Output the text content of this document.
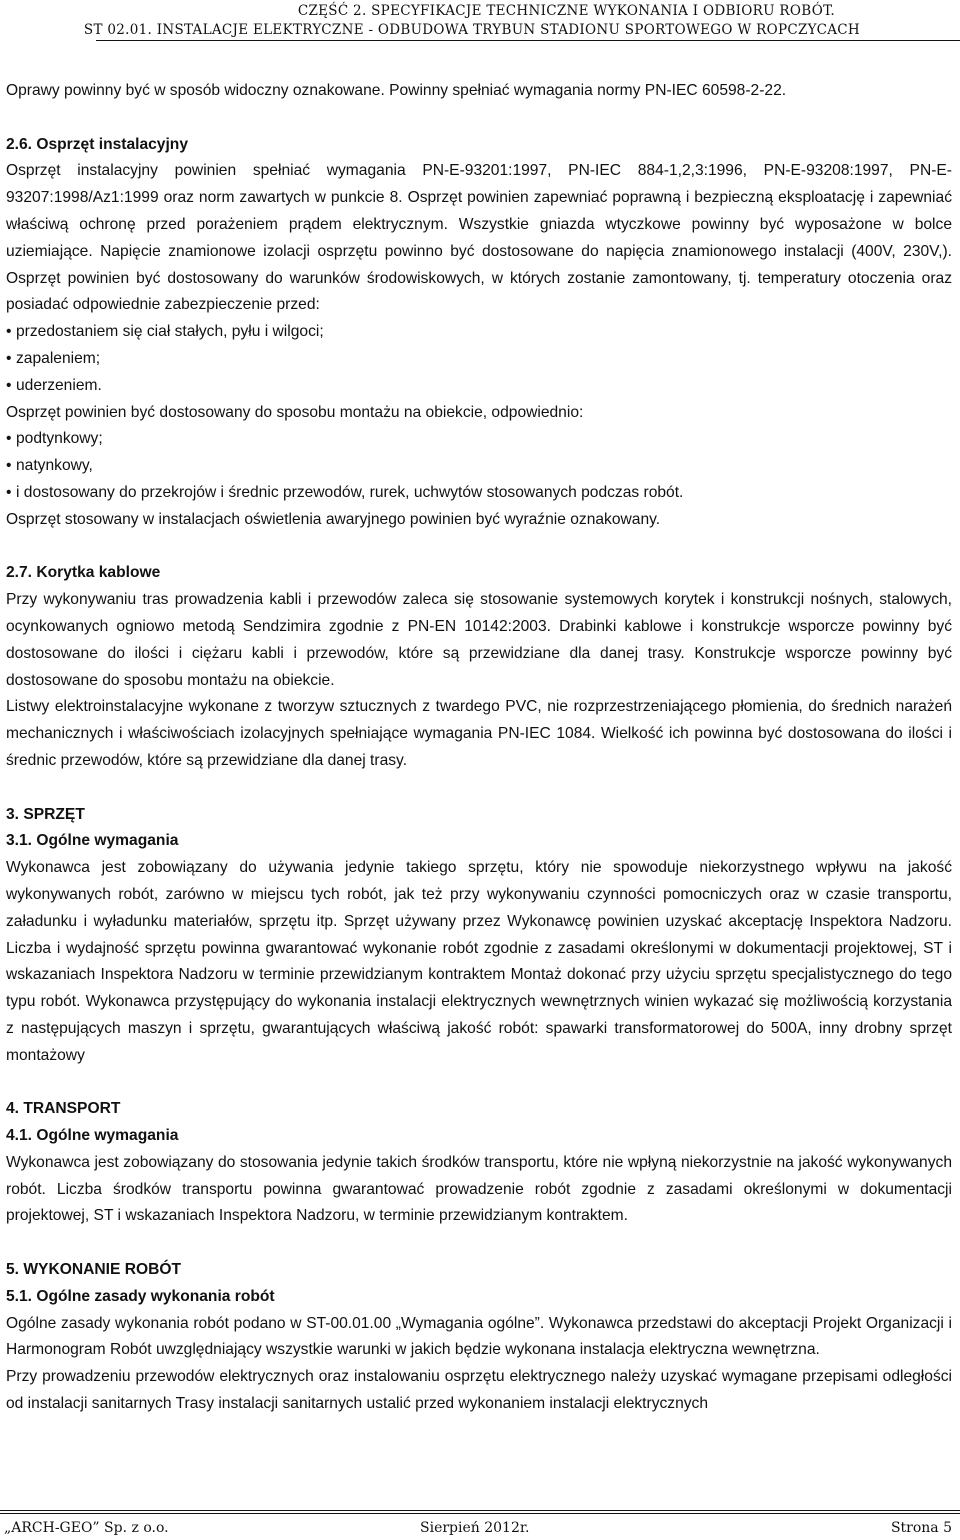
CZĘŚĆ 2. SPECYFIKACJE TECHNICZNE WYKONANIA I ODBIORU ROBÓT.
ST 02.01. INSTALACJE ELEKTRYCZNE - ODBUDOWA TRYBUN STADIONU SPORTOWEGO W ROPCZYCACH

Oprawy powinny być w sposób widoczny oznakowane. Powinny spełniać wymagania normy PN-IEC 60598-2-22.

2.6. Osprzęt instalacyjny

Osprzęt instalacyjny powinien spełniać wymagania PN-E-93201:1997, PN-IEC 884-1,2,3:1996, PN-E-93208:1997, PN-E-93207:1998/Az1:1999 oraz norm zawartych w punkcie 8. Osprzęt powinien zapewniać poprawną i bezpieczną eksploatację i zapewniać właściwą ochronę przed porażeniem prądem elektrycznym. Wszystkie gniazda wtyczkowe powinny być wyposażone w bolce uziemiające. Napięcie znamionowe izolacji osprzętu powinno być dostosowane do napięcia znamionowego instalacji (400V, 230V,). Osprzęt powinien być dostosowany do warunków środowiskowych, w których zostanie zamontowany, tj. temperatury otoczenia oraz posiadać odpowiednie zabezpieczenie przed:

• przedostaniem się ciał stałych, pyłu i wilgoci;

• zapaleniem;

• uderzeniem.

Osprzęt powinien być dostosowany do sposobu montażu na obiekcie, odpowiednio:

• podtynkowy;

• natynkowy,

• i dostosowany do przekrojów i średnic przewodów, rurek, uchwytów stosowanych podczas robót.

Osprzęt stosowany w instalacjach oświetlenia awaryjnego powinien być wyraźnie oznakowany.

2.7. Korytka kablowe

Przy wykonywaniu tras prowadzenia kabli i przewodów zaleca się stosowanie systemowych korytek i konstrukcji nośnych, stalowych, ocynkowanych ogniowo metodą Sendzimira zgodnie z PN-EN 10142:2003. Drabinki kablowe i konstrukcje wsporcze powinny być dostosowane do ilości i ciężaru kabli i przewodów, które są przewidziane dla danej trasy. Konstrukcje wsporcze powinny być dostosowane do sposobu montażu na obiekcie.

Listwy elektroinstalacyjne wykonane z tworzyw sztucznych z twardego PVC, nie rozprzestrzeniającego płomienia, do średnich narażeń mechanicznych i właściwościach izolacyjnych spełniające wymagania PN-IEC 1084. Wielkość ich powinna być dostosowana do ilości i średnic przewodów, które są przewidziane dla danej trasy.

3. SPRZĘT

3.1. Ogólne wymagania

Wykonawca jest zobowiązany do używania jedynie takiego sprzętu, który nie spowoduje niekorzystnego wpływu na jakość wykonywanych robót, zarówno w miejscu tych robót, jak też przy wykonywaniu czynności pomocniczych oraz w czasie transportu, załadunku i wyładunku materiałów, sprzętu itp. Sprzęt używany przez Wykonawcę powinien uzyskać akceptację Inspektora Nadzoru. Liczba i wydajność sprzętu powinna gwarantować wykonanie robót zgodnie z zasadami określonymi w dokumentacji projektowej, ST i wskazaniach Inspektora Nadzoru w terminie przewidzianym kontraktem Montaż dokonać przy użyciu sprzętu specjalistycznego do tego typu robót. Wykonawca przystępujący do wykonania instalacji elektrycznych wewnętrznych winien wykazać się możliwością korzystania z następujących maszyn i sprzętu, gwarantujących właściwą jakość robót: spawarki transformatorowej do 500A, inny drobny sprzęt montażowy

4. TRANSPORT

4.1. Ogólne wymagania

Wykonawca jest zobowiązany do stosowania jedynie takich środków transportu, które nie wpłyną niekorzystnie na jakość wykonywanych robót. Liczba środków transportu powinna gwarantować prowadzenie robót zgodnie z zasadami określonymi w dokumentacji projektowej, ST i wskazaniach Inspektora Nadzoru, w terminie przewidzianym kontraktem.

5. WYKONANIE ROBÓT

5.1. Ogólne zasady wykonania robót

Ogólne zasady wykonania robót podano w ST-00.01.00 „Wymagania ogólne”. Wykonawca przedstawi do akceptacji Projekt Organizacji i Harmonogram Robót uwzględniający wszystkie warunki w jakich będzie wykonana instalacja elektryczna wewnętrzna.

Przy prowadzeniu przewodów elektrycznych oraz instalowaniu osprzętu elektrycznego należy uzyskać wymagane przepisami odległości od instalacji sanitarnych Trasy instalacji sanitarnych ustalić przed wykonaniem instalacji elektrycznych

„ARCH-GEO” Sp. z o.o.	Sierpień 2012r.	Strona 5
